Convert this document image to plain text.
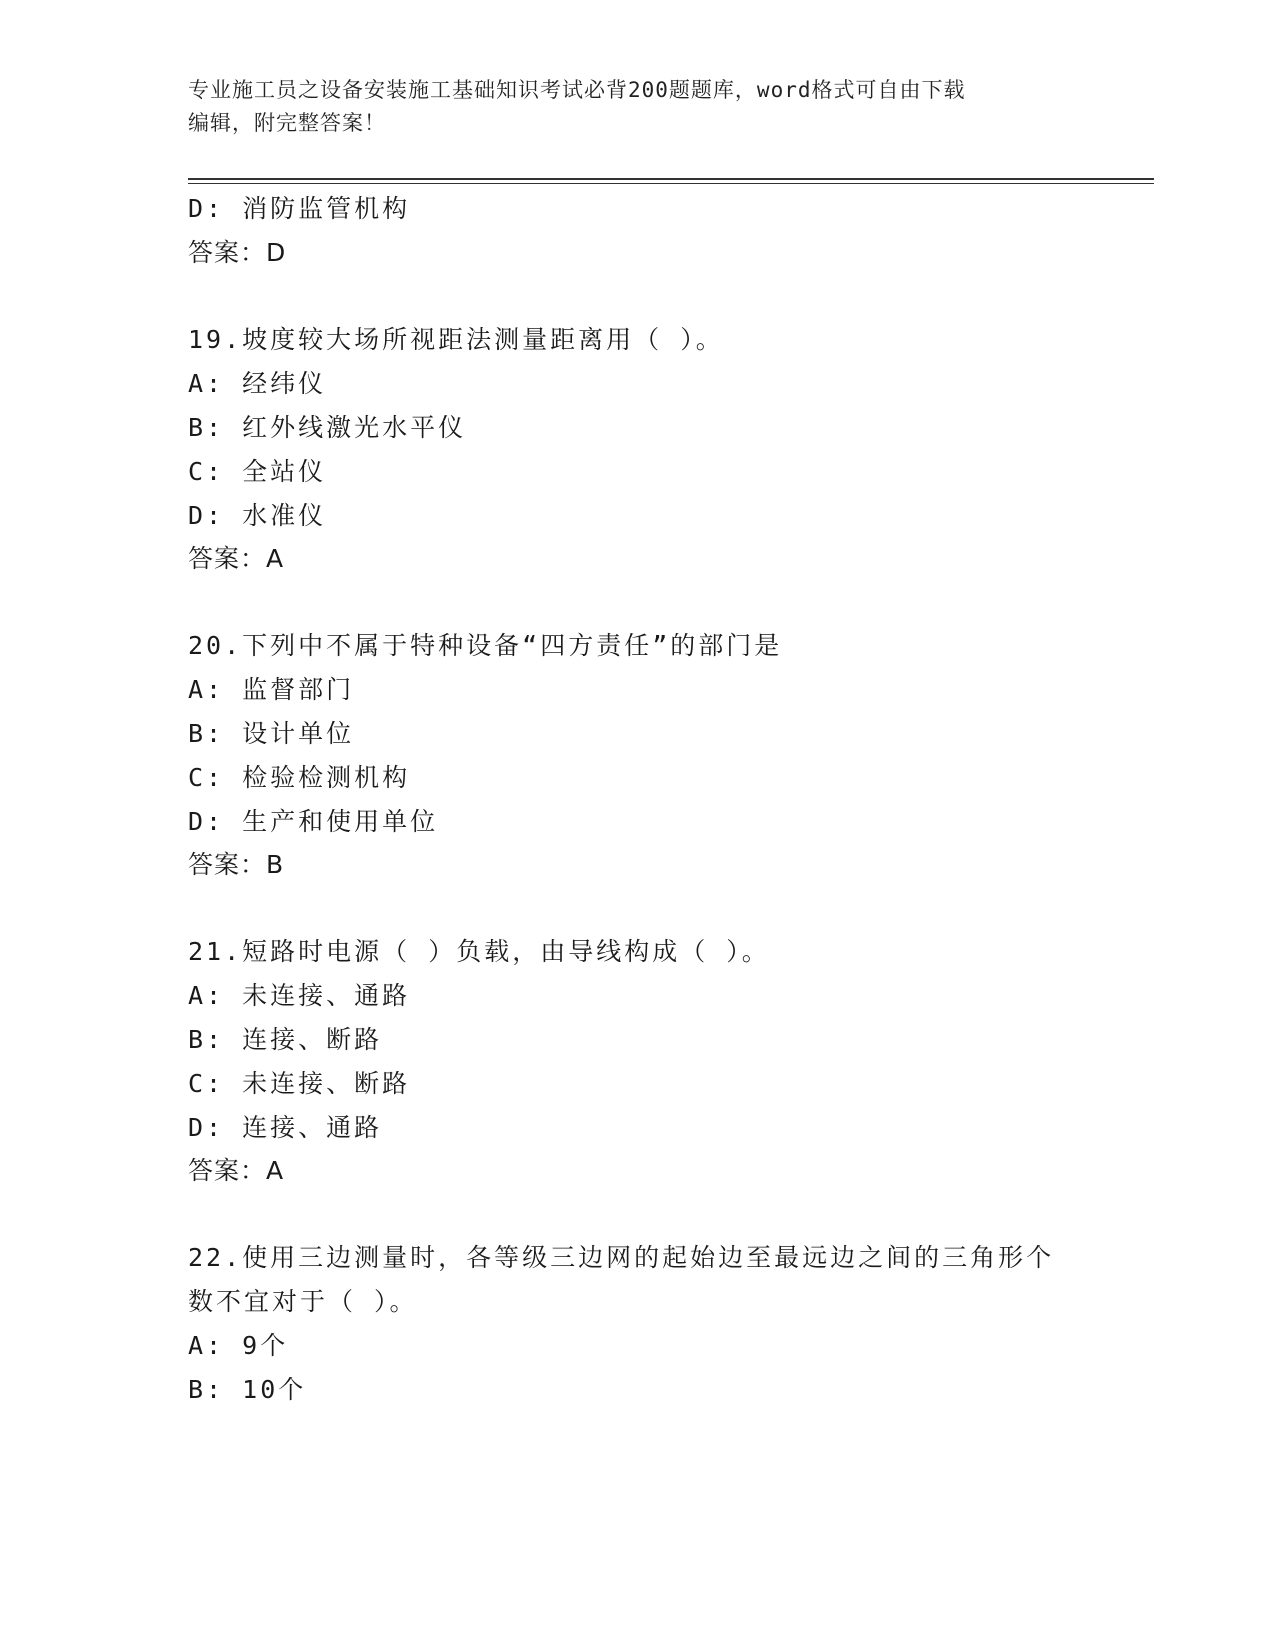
专业施工员之设备安装施工基础知识考试必背200题题库，word格式可自由下载
编辑，附完整答案！
D: 消防监管机构
答案：D
19.坡度较大场所视距法测量距离用（ ）。
A: 经纬仪
B: 红外线激光水平仪
C: 全站仪
D: 水准仪
答案：A
20.下列中不属于特种设备“四方责任”的部门是
A: 监督部门
B: 设计单位
C: 检验检测机构
D: 生产和使用单位
答案：B
21.短路时电源（ ）负载，由导线构成（ ）。
A: 未连接、通路
B: 连接、断路
C: 未连接、断路
D: 连接、通路
答案：A
22.使用三边测量时，各等级三边网的起始边至最远边之间的三角形个
数不宜对于（ ）。
A: 9个
B: 10个
